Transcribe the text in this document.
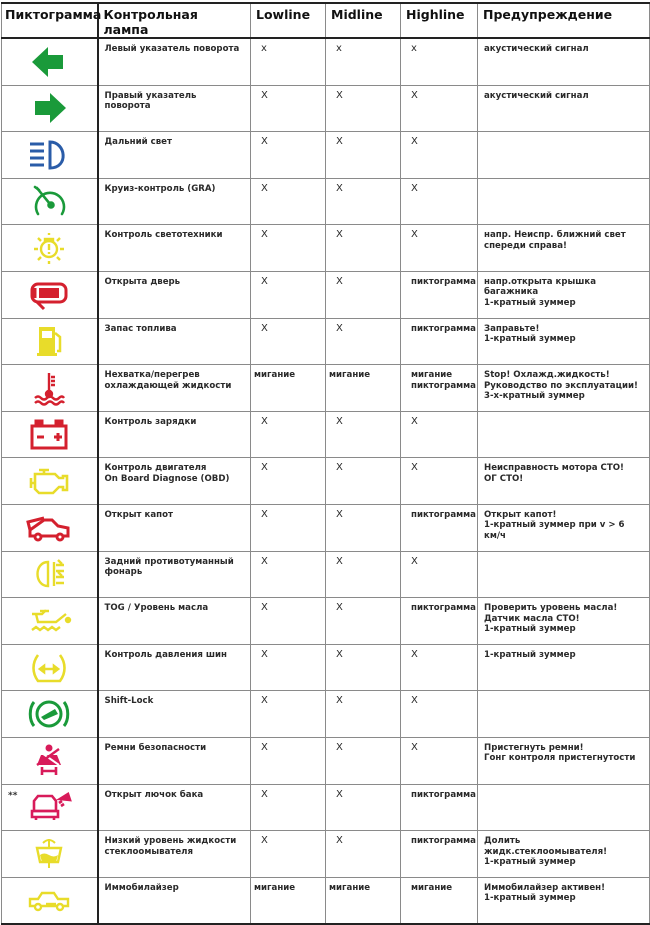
Пиктограмма	Контрольная лампа	Lowline	Midline	Highline	Предупреждение

Левый указатель поворота	x	x	x	акустический сигнал

Правый указатель поворота	X	X	X	акустический сигнал

Дальний свет	X	X	X	

Круиз-контроль (GRA)	X	X	X	

Контроль светотехники	X	X	X	напр. Неиспр. ближний свет
спереди справа!

Открыта дверь	X	X	пиктограмма	напр.открыта крышка багажника
1-кратный зуммер

Запас топлива	X	X	пиктограмма	Заправьте!
1-кратный зуммер

Нехватка/перегрев
охлаждающей жидкости	мигание	мигание	мигание пиктограмма	Stop! Охлажд.жидкость!
Руководство по эксплуатации!
3-х-кратный зуммер

Контроль зарядки	X	X	X	

Контроль двигателя
On Board Diagnose (OBD)	X	X	X	Неисправность мотора СТО!
ОГ СТО!

Открыт капот	X	X	пиктограмма	Открыт капот!
1-кратный зуммер при v > 6 км/ч

Задний противотуманный
фонарь	X	X	X	

TOG / Уровень масла	X	X	пиктограмма	Проверить уровень масла!
Датчик масла СТО!
1-кратный зуммер

Контроль давления шин	X	X	X	1-кратный зуммер

Shift-Lock	X	X	X	

Ремни безопасности	X	X	X	Пристегнуть ремни!
Гонг контроля пристегнутости

**	Открыт лючок бака	X	X	пиктограмма	

Низкий уровень жидкости
стеклоомывателя	X	X	пиктограмма	Долить жидк.стеклоомывателя!
1-кратный зуммер

Иммобилайзер	мигание	мигание	мигание	Иммобилайзер активен!
1-кратный зуммер
